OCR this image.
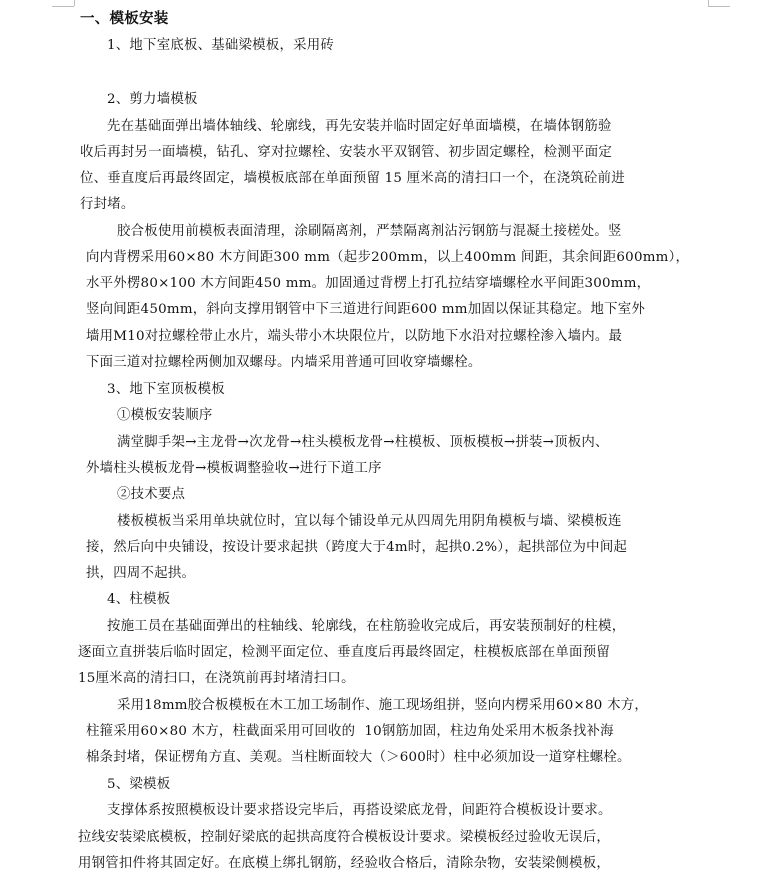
一、模板安装
1、地下室底板、基础梁模板，采用砖
2、剪力墙模板
先在基础面弹出墙体轴线、轮廓线，再先安装并临时固定好单面墙模，在墙体钢筋验
收后再封另一面墙模，钻孔、穿对拉螺栓、安装水平双钢管、初步固定螺栓，检测平面定
位、垂直度后再最终固定，墙模板底部在单面预留 15 厘米高的清扫口一个，在浇筑砼前进
行封堵。
胶合板使用前模板表面清理，涂刷隔离剂，严禁隔离剂沾污钢筋与混凝土接槎处。竖
向内背楞采用60×80 木方间距300 mm（起步200mm，以上400mm 间距，其余间距600mm），
水平外楞80×100 木方间距450 mm。加固通过背楞上打孔拉结穿墙螺栓水平间距300mm，
竖向间距450mm，斜向支撑用钢管中下三道进行间距600 mm加固以保证其稳定。地下室外
墙用M10对拉螺栓带止水片，端头带小木块限位片，以防地下水沿对拉螺栓渗入墙内。最
下面三道对拉螺栓两侧加双螺母。内墙采用普通可回收穿墙螺栓。
3、地下室顶板模板
①模板安装顺序
满堂脚手架→主龙骨→次龙骨→柱头模板龙骨→柱模板、顶板模板→拼装→顶板内、
外墙柱头模板龙骨→模板调整验收→进行下道工序
②技术要点
楼板模板当采用单块就位时，宜以每个铺设单元从四周先用阴角模板与墙、梁模板连
接，然后向中央铺设，按设计要求起拱（跨度大于4m时，起拱0.2%），起拱部位为中间起
拱，四周不起拱。
4、柱模板
按施工员在基础面弹出的柱轴线、轮廓线，在柱筋验收完成后，再安装预制好的柱模，
逐面立直拼装后临时固定，检测平面定位、垂直度后再最终固定，柱模板底部在单面预留
15厘米高的清扫口，在浇筑前再封堵清扫口。
采用18mm胶合板模板在木工加工场制作、施工现场组拼，竖向内楞采用60×80 木方，
柱箍采用60×80 木方，柱截面采用可回收的  10钢筋加固，柱边角处采用木板条找补海
棉条封堵，保证楞角方直、美观。当柱断面较大（＞600时）柱中必须加设一道穿柱螺栓。
5、梁模板
支撑体系按照模板设计要求搭设完毕后，再搭设梁底龙骨，间距符合模板设计要求。
拉线安装梁底模板，控制好梁底的起拱高度符合模板设计要求。梁模板经过验收无误后，
用钢管扣件将其固定好。在底模上绑扎钢筋，经验收合格后，清除杂物，安装梁侧模板，
